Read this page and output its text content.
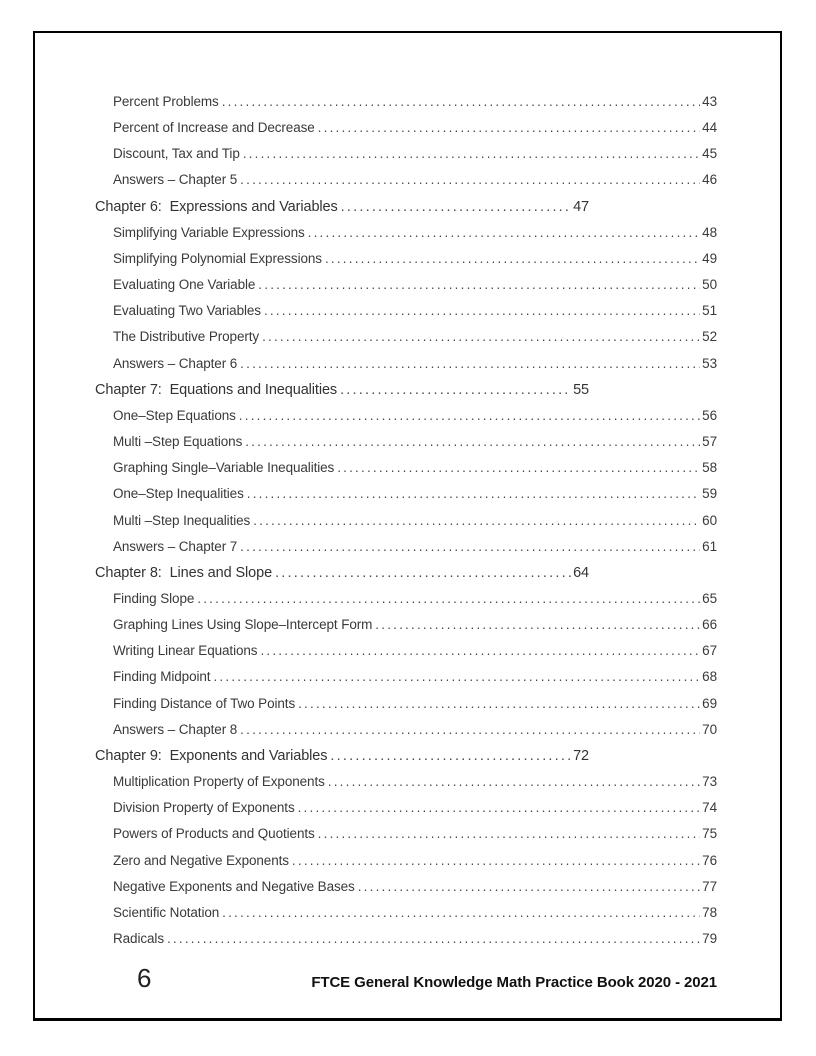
Percent Problems .....	43
Percent of Increase and Decrease .....	44
Discount, Tax and Tip .....	45
Answers – Chapter 5 .....	46
Chapter 6:  Expressions and Variables .....	47
Simplifying Variable Expressions .....	48
Simplifying Polynomial Expressions .....	49
Evaluating One Variable .....	50
Evaluating Two Variables .....	51
The Distributive Property .....	52
Answers – Chapter 6 .....	53
Chapter 7:  Equations and Inequalities .....	55
One–Step Equations .....	56
Multi –Step Equations .....	57
Graphing Single–Variable Inequalities .....	58
One–Step Inequalities .....	59
Multi –Step Inequalities .....	60
Answers – Chapter 7 .....	61
Chapter 8:  Lines and Slope .....	64
Finding Slope .....	65
Graphing Lines Using Slope–Intercept Form .....	66
Writing Linear Equations .....	67
Finding Midpoint .....	68
Finding Distance of Two Points .....	69
Answers – Chapter 8 .....	70
Chapter 9:  Exponents and Variables .....	72
Multiplication Property of Exponents .....	73
Division Property of Exponents .....	74
Powers of Products and Quotients .....	75
Zero and Negative Exponents .....	76
Negative Exponents and Negative Bases .....	77
Scientific Notation .....	78
Radicals .....	79
6	FTCE General Knowledge Math Practice Book 2020 - 2021
